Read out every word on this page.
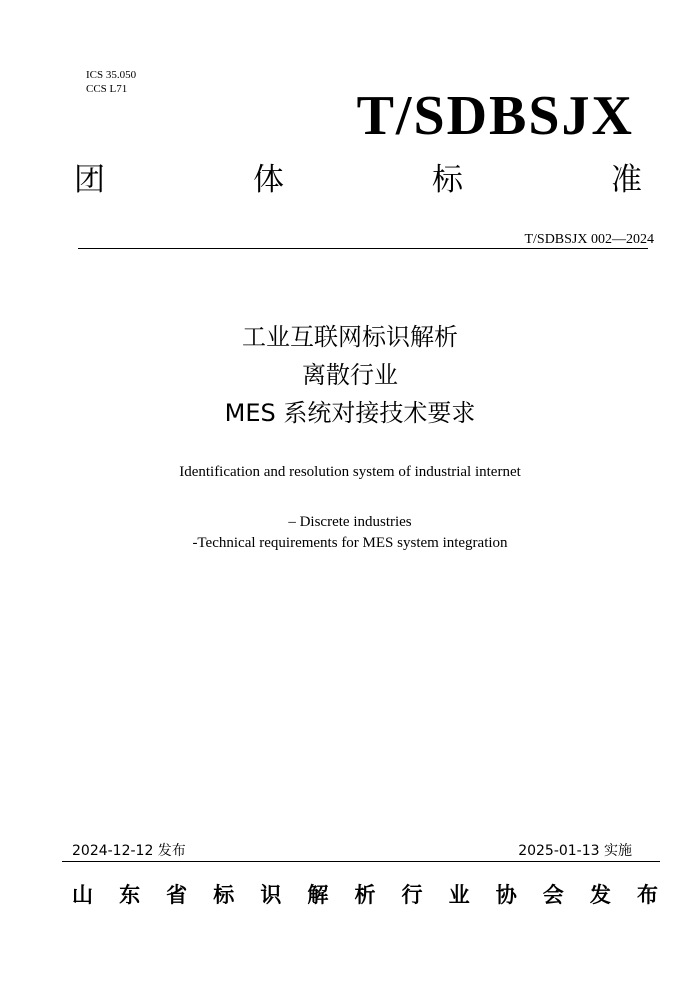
ICS 35.050
CCS L71	T/SDBSJX
团	体	标	准
T/SDBSJX 002—2024
工业互联网标识解析
离散行业
MES 系统对接技术要求
Identification and resolution system of industrial internet
– Discrete industries
-Technical requirements for MES system integration
2024-12-12 发布	2025-01-13 实施
山 东 省 标 识 解 析 行 业 协 会 发 布
